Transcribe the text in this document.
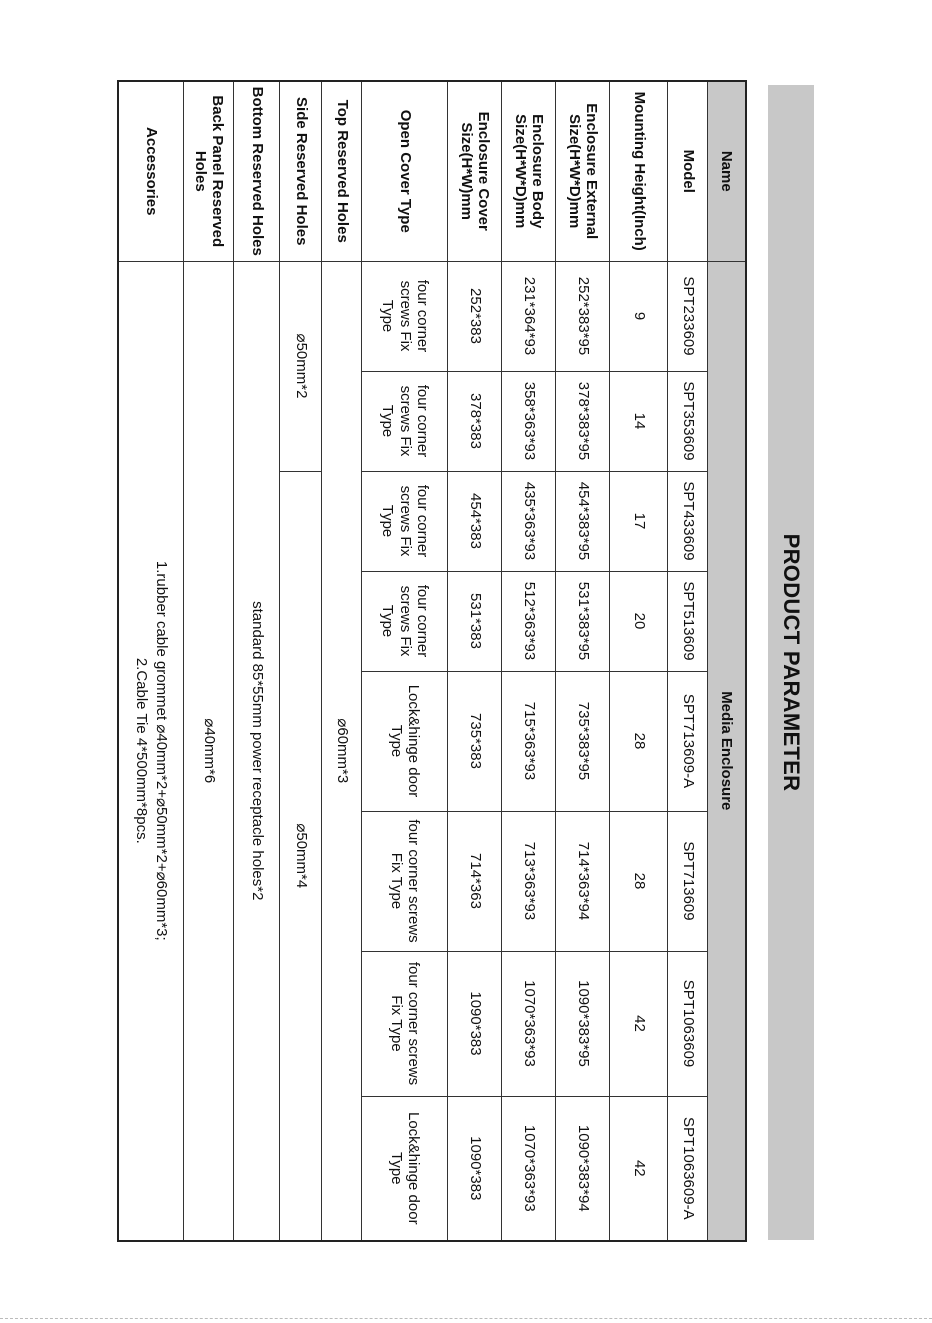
PRODUCT PARAMETER
Name	Media Enclosure							
Model	SPT233609	SPT353609	SPT433609	SPT513609	SPT713609-A	SPT713609	SPT1063609	SPT1063609-A
Mounting Height(Inch)	9	14	17	20	28	28	42	42
Enclosure External Size(H*W*D)mm	252*383*95	378*383*95	454*383*95	531*383*95	735*383*95	714*363*94	1090*383*95	1090*383*94
Enclosure Body Size(H*W*D)mm	231*364*93	358*363*93	435*363*93	512*363*93	715*363*93	713*363*93	1070*363*93	1070*363*93
Enclosure Cover Size(H*W)mm	252*383	378*383	454*383	531*383	735*383	714*363	1090*383	1090*383
Open Cover Type	four corner screws Fix Type	four corner screws Fix Type	four corner screws Fix Type	four corner screws Fix Type	Lock&hinge door Type	four corner screws Fix Type	four corner screws Fix Type	Lock&hinge door Type
Top Reserved Holes	⌀60mm*3							
Side Reserved Holes	⌀50mm*2		⌀50mm*4					
Bottom Reserved Holes	standard 85*55mm power receptacle holes*2							
Back Panel Reserved Holes	⌀40mm*6							
Accessories	1.rubber cable grommet ⌀40mm*2+⌀50mm*2+⌀60mm*3;
2.Cable Tie 4*500mm*8pcs.							
